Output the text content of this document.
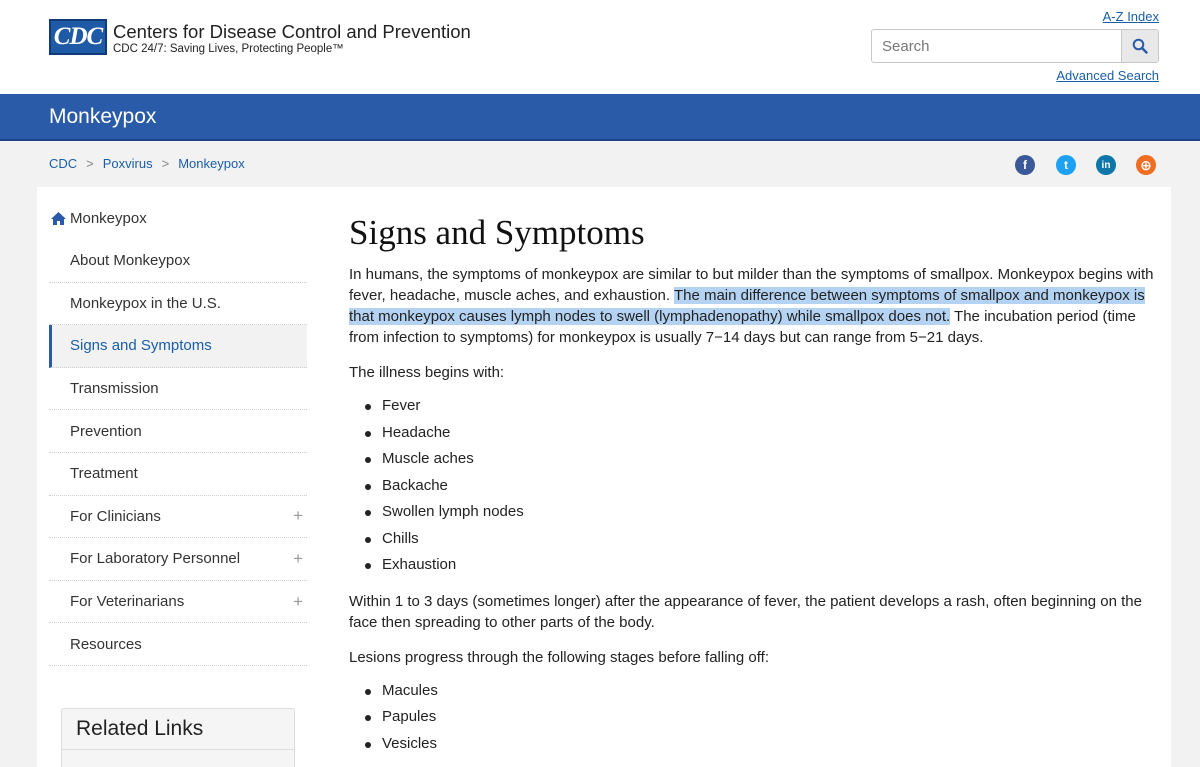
CDC Centers for Disease Control and Prevention
CDC 24/7: Saving Lives, Protecting People™
A-Z Index
Search
Advanced Search
Monkeypox
CDC > Poxvirus > Monkeypox	f	t	in ⊕
Monkeypox
About Monkeypox
Monkeypox in the U.S.
Signs and Symptoms
Transmission
Prevention
Treatment
For Clinicians	+
For Laboratory Personnel	+
For Veterinarians	+
Resources
Related Links
Signs and Symptoms

In humans, the symptoms of monkeypox are similar to but milder than the symptoms of smallpox. Monkeypox begins with fever, headache, muscle aches, and exhaustion. The main difference between symptoms of smallpox and monkeypox is that monkeypox causes lymph nodes to swell (lymphadenopathy) while smallpox does not. The incubation period (time from infection to symptoms) for monkeypox is usually 7−14 days but can range from 5−21 days.

The illness begins with:

Fever
Headache
Muscle aches
Backache
Swollen lymph nodes
Chills
Exhaustion

Within 1 to 3 days (sometimes longer) after the appearance of fever, the patient develops a rash, often beginning on the face then spreading to other parts of the body.

Lesions progress through the following stages before falling off:

Macules
Papules
Vesicles
